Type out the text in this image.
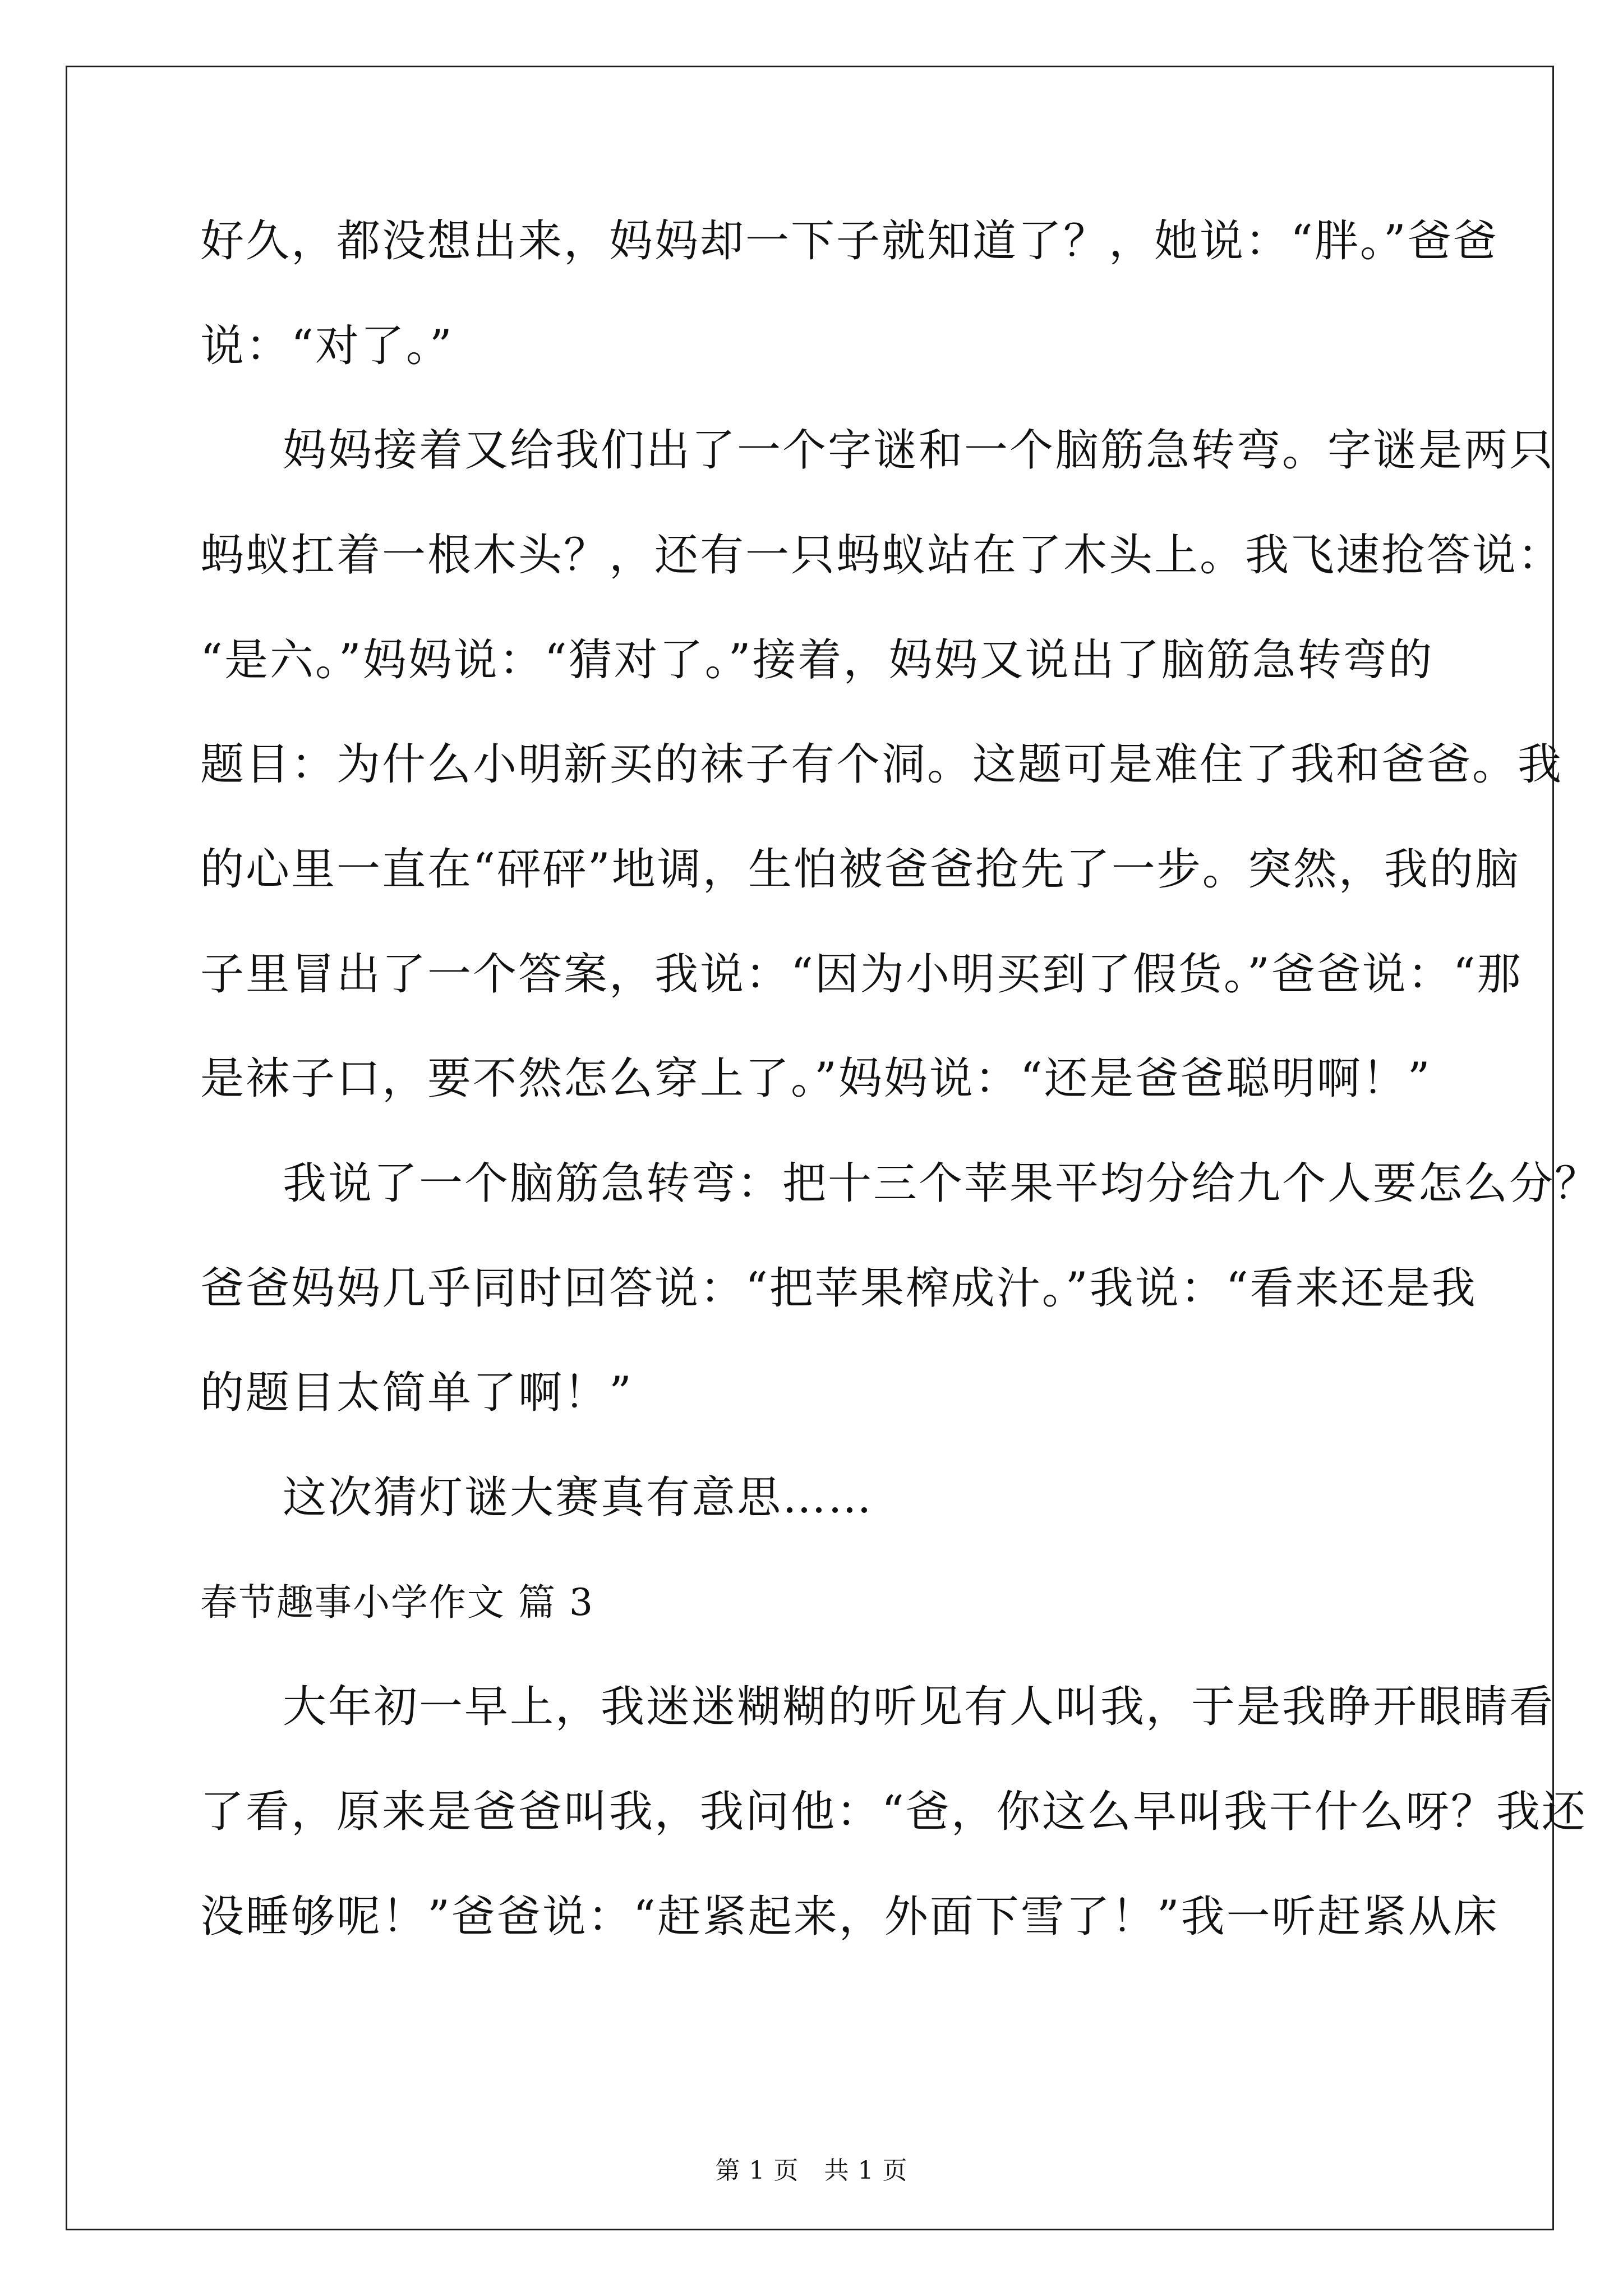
好久，都没想出来，妈妈却一下子就知道了？，她说：“胖。”爸爸
说：“对了。”
妈妈接着又给我们出了一个字谜和一个脑筋急转弯。字谜是两只
蚂蚁扛着一根木头？，还有一只蚂蚁站在了木头上。我飞速抢答说：
“是六。”妈妈说：“猜对了。”接着，妈妈又说出了脑筋急转弯的
题目：为什么小明新买的袜子有个洞。这题可是难住了我和爸爸。我
的心里一直在“砰砰”地调，生怕被爸爸抢先了一步。突然，我的脑
子里冒出了一个答案，我说：“因为小明买到了假货。”爸爸说：“那
是袜子口，要不然怎么穿上了。”妈妈说：“还是爸爸聪明啊！”
我说了一个脑筋急转弯：把十三个苹果平均分给九个人要怎么分？
爸爸妈妈几乎同时回答说：“把苹果榨成汁。”我说：“看来还是我
的题目太简单了啊！”
这次猜灯谜大赛真有意思……
春节趣事小学作文 篇 3
大年初一早上，我迷迷糊糊的听见有人叫我，于是我睁开眼睛看
了看，原来是爸爸叫我，我问他：“爸，你这么早叫我干什么呀？我还
没睡够呢！”爸爸说：“赶紧起来，外面下雪了！”我一听赶紧从床
第 1 页　共 1 页
